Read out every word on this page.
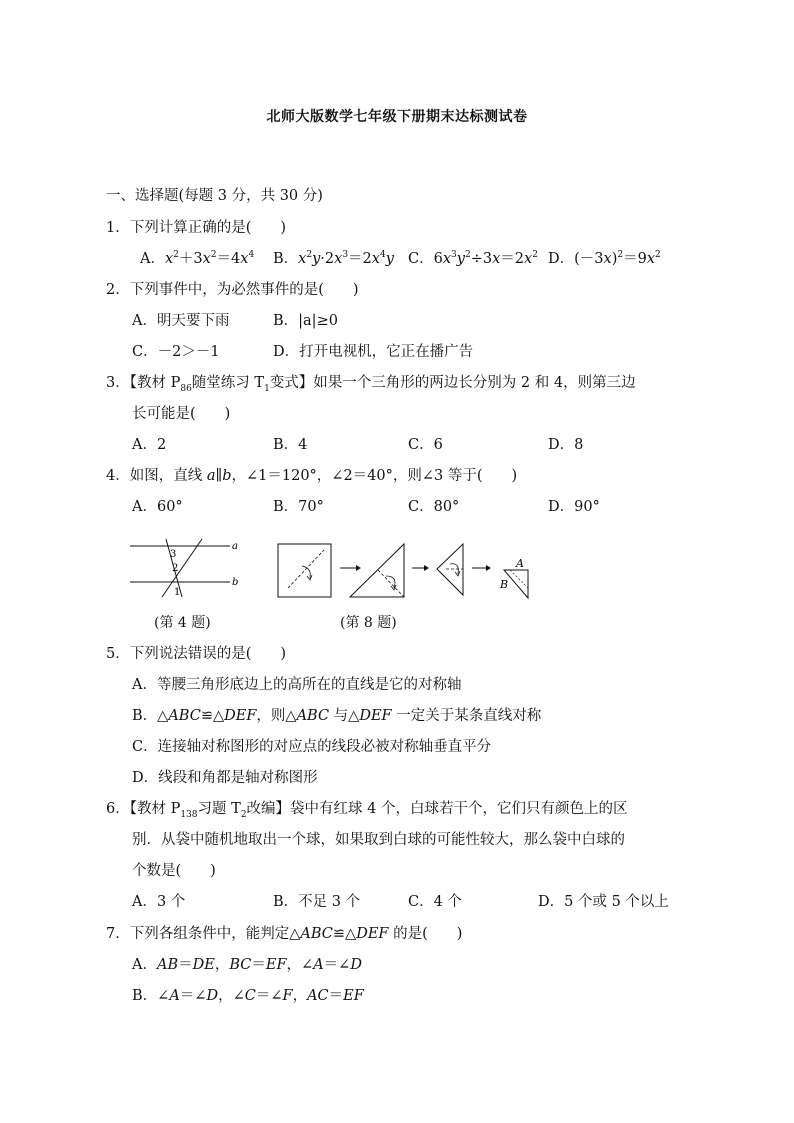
北师大版数学七年级下册期末达标测试卷
一、选择题(每题 3 分，共 30 分)
1．下列计算正确的是(　　)
A．$x^2+3x^2=4x^4$ B．$x^2y\cdot 2x^3=2x^4y$ C．$6x^3y^2\div 3x=2x^2$ D．$(-3x)^2=9x^2$
2．下列事件中，为必然事件的是(　　)
A．明天要下雨	B．|a|≥0
C．－2＞－1	D．打开电视机，它正在播广告
3．【教材 $P_{86}$随堂练习 $T_1$变式】如果一个三角形的两边长分别为 2 和 4，则第三边
长可能是(　　)
A．2	B．4	C．6	D．8
4．如图，直线 a∥b，∠1＝120°，∠2＝40°，则∠3 等于(　　)
A．60°	B．70°	C．80°	D．90°
3
2
1
a
b
A
B
(第 4 题)	(第 8 题)
5．下列说法错误的是(　　)
A．等腰三角形底边上的高所在的直线是它的对称轴
B．△ABC≌△DEF，则△ABC 与△DEF 一定关于某条直线对称
C．连接轴对称图形的对应点的线段必被对称轴垂直平分
D．线段和角都是轴对称图形
6．【教材 $P_{138}$习题 $T_2$改编】袋中有红球 4 个，白球若干个，它们只有颜色上的区
别．从袋中随机地取出一个球，如果取到白球的可能性较大，那么袋中白球的
个数是(　　)
A．3 个	B．不足 3 个	C．4 个	D．5 个或 5 个以上
7．下列各组条件中，能判定△ABC≌△DEF 的是(　　)
A．AB＝DE，BC＝EF，∠A＝∠D
B．∠A＝∠D，∠C＝∠F，AC＝EF
